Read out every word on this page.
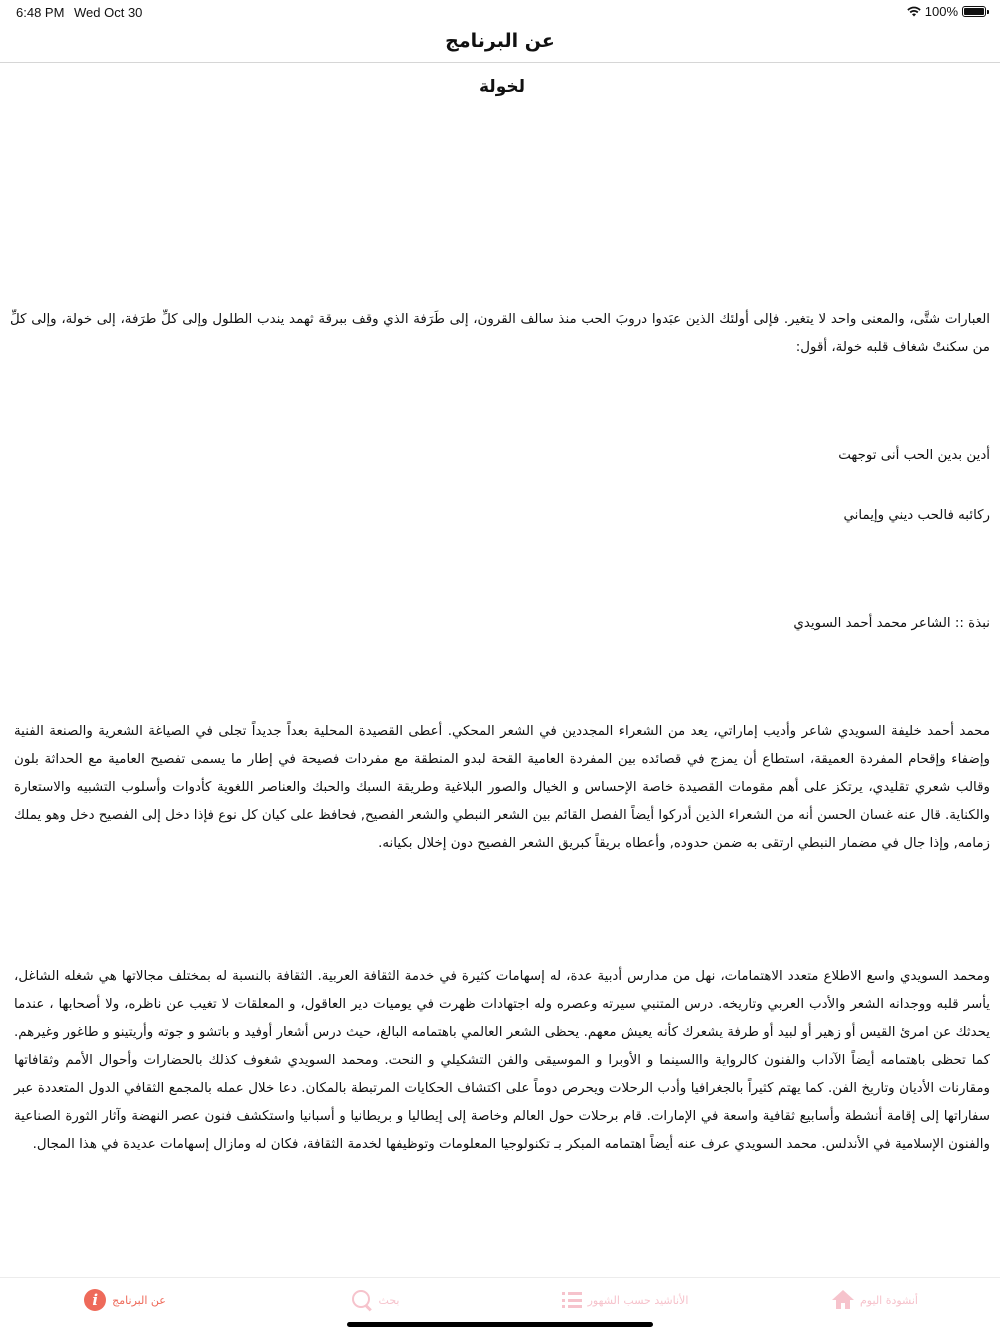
6:48 PM Wed Oct 30	100%
عن البرنامج
لخولة

العبارات شتَّى، والمعنى واحد لا يتغير. فإلى أولئك الذين عبَدوا دروبَ الحب منذ سالف القرون، إلى طَرَفة الذي وقف ببرقة ثهمد يندب الطلول وإلى كلِّ طرَفة، إلى خولة، وإلى كلِّ من سكنتْ شغاف قلبه خولة، أقول:

أدين بدين الحب أنى توجهت

ركائبه فالحب ديني وإيماني

نبذة :: الشاعر محمد أحمد السويدي

محمد أحمد خليفة السويدي شاعر وأديب إماراتي، يعد من الشعراء المجددين في الشعر المحكي. أعطى القصيدة المحلية بعداً جديداً تجلى في الصياغة الشعرية والصنعة الفنية وإضفاء وإقحام المفردة العميقة، استطاع أن يمزج في قصائده بين المفردة العامية القحة لبدو المنطقة مع مفردات فصيحة في إطار ما يسمى تفصيح العامية مع الحداثة بلون وقالب شعري تقليدي، يرتكز على أهم مقومات القصيدة خاصة الإحساس و الخيال والصور البلاغية وطريقة السبك والحبك والعناصر اللغوية كأدوات وأسلوب التشبيه والاستعارة والكناية. قال عنه غسان الحسن أنه من الشعراء الذين أدركوا أيضاً الفصل القائم بين الشعر النبطي والشعر الفصيح, فحافظ على كيان كل نوع فإذا دخل إلى الفصيح دخل وهو يملك زمامه, وإذا جال في مضمار النبطي ارتقى به ضمن حدوده, وأعطاه بريقاً كبريق الشعر الفصيح دون إخلال بكيانه.

ومحمد السويدي واسع الاطلاع متعدد الاهتمامات، نهل من مدارس أدبية عدة، له إسهامات كثيرة في خدمة الثقافة العربية. الثقافة بالنسبة له بمختلف مجالاتها هي شغله الشاغل، يأسر قلبه ووجدانه الشعر والأدب العربي وتاريخه. درس المتنبي سيرته وعصره وله اجتهادات ظهرت في يوميات دير العاقول، و المعلقات لا تغيب عن ناظره، ولا أصحابها ، عندما يحدثك عن امرئ القيس أو زهير أو لبيد أو طرفة يشعرك كأنه يعيش معهم. يحظى الشعر العالمي باهتمامه البالغ، حيث درس أشعار أوفيد و باتشو و جوته وأريتينو و طاغور وغيرهم. كما تحظى باهتمامه أيضاً الآداب والفنون كالرواية واالسينما و الأوبرا و الموسيقى والفن التشكيلي و النحت. ومحمد السويدي شغوف كذلك بالحضارات وأحوال الأمم وثقافاتها ومقارنات الأديان وتاريخ الفن. كما يهتم كثيراً بالجغرافيا وأدب الرحلات ويحرص دوماً على اكتشاف الحكايات المرتبطة بالمكان. دعا خلال عمله بالمجمع الثقافي الدول المتعددة عبر سفاراتها إلى إقامة أنشطة وأسابيع ثقافية واسعة في الإمارات. قام برحلات حول العالم وخاصة إلى إيطاليا و بريطانيا و أسبانيا واستكشف فنون عصر النهضة وآثار الثورة الصناعية والفنون الإسلامية في الأندلس. محمد السويدي عرف عنه أيضاً اهتمامه المبكر بـ تكنولوجيا المعلومات وتوظيفها لخدمة الثقافة، فكان له ومازال إسهامات عديدة في هذا المجال.

i	عن البرنامج	بحث	الأناشيد حسب الشهور	أنشودة اليوم
